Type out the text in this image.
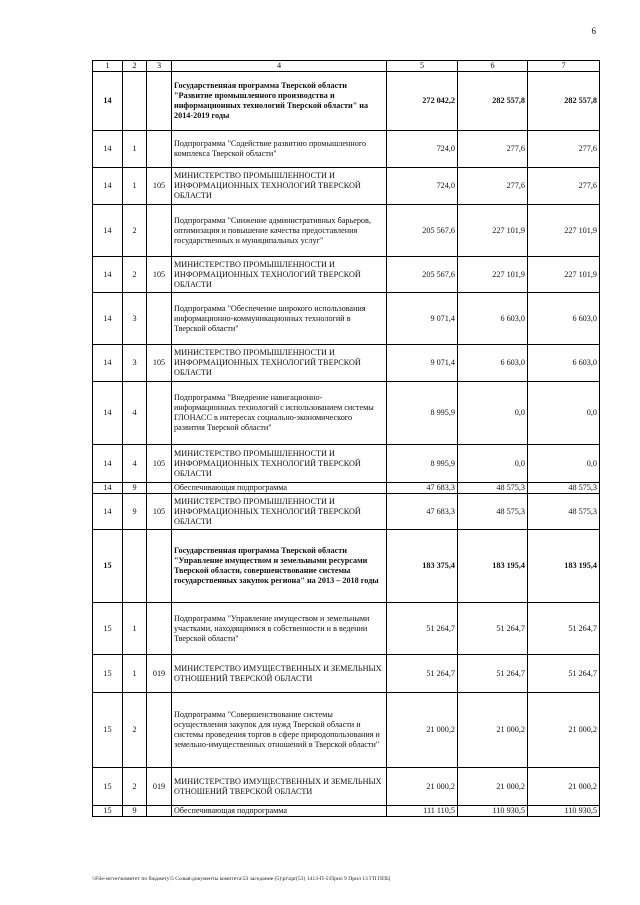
6
1	2	3	4	5	6	7
14			Государственная программа Тверской области "Развитие промышленного производства и информационных технологий Тверской области" на 2014-2019 годы	272 042,2	282 557,8	282 557,8
14	1		Подпрограмма "Содействие развитию промышленного комплекса Тверской области"	724,0	277,6	277,6
14	1	105	МИНИСТЕРСТВО ПРОМЫШЛЕННОСТИ И ИНФОРМАЦИОННЫХ ТЕХНОЛОГИЙ ТВЕРСКОЙ ОБЛАСТИ	724,0	277,6	277,6
14	2		Подпрограмма "Снижение административных барьеров, оптимизация и повышение качества предоставления государственных и муниципальных услуг"	205 567,6	227 101,9	227 101,9
14	2	105	МИНИСТЕРСТВО ПРОМЫШЛЕННОСТИ И ИНФОРМАЦИОННЫХ ТЕХНОЛОГИЙ ТВЕРСКОЙ ОБЛАСТИ	205 567,6	227 101,9	227 101,9
14	3		Подпрограмма "Обеспечение широкого использования информационно-коммуникационных технологий в Тверской области"	9 071,4	6 603,0	6 603,0
14	3	105	МИНИСТЕРСТВО ПРОМЫШЛЕННОСТИ И ИНФОРМАЦИОННЫХ ТЕХНОЛОГИЙ ТВЕРСКОЙ ОБЛАСТИ	9 071,4	6 603,0	6 603,0
14	4		Подпрограмма "Внедрение навигационно-информационных технологий с использованием системы ГЛОНАСС в интересах социально-экономического развития Тверской области"	8 995,9	0,0	0,0
14	4	105	МИНИСТЕРСТВО ПРОМЫШЛЕННОСТИ И ИНФОРМАЦИОННЫХ ТЕХНОЛОГИЙ ТВЕРСКОЙ ОБЛАСТИ	8 995,9	0,0	0,0
14	9		Обеспечивающая подпрограмма	47 683,3	48 575,3	48 575,3
14	9	105	МИНИСТЕРСТВО ПРОМЫШЛЕННОСТИ И ИНФОРМАЦИОННЫХ ТЕХНОЛОГИЙ ТВЕРСКОЙ ОБЛАСТИ	47 683,3	48 575,3	48 575,3
15			Государственная программа Тверской области "Управление имуществом и земельными ресурсами Тверской области, совершенствование системы государственных закупок региона" на 2013 – 2018 годы	183 375,4	183 195,4	183 195,4
15	1		Подпрограмма "Управление имуществом и земельными участками, находящимися в собственности и в ведении Тверской области"	51 264,7	51 264,7	51 264,7
15	1	019	МИНИСТЕРСТВО ИМУЩЕСТВЕННЫХ И ЗЕМЕЛЬНЫХ ОТНОШЕНИЙ ТВЕРСКОЙ ОБЛАСТИ	51 264,7	51 264,7	51 264,7
15	2		Подпрограмма "Совершенствование системы осуществления закупок для нужд Тверской области и системы проведения торгов в сфере природопользования и земельно-имущественных отношений в Тверской области"	21 000,2	21 000,2	21 000,2
15	2	019	МИНИСТЕРСТВО ИМУЩЕСТВЕННЫХ И ЗЕМЕЛЬНЫХ ОТНОШЕНИЙ ТВЕРСКОЙ ОБЛАСТИ	21 000,2	21 000,2	21 000,2
15	9		Обеспечивающая подпрограмма	111 110,5	110 930,5	110 930,5
\\File-server\комитет по бюджету\5 Созыв\документы комитета\53 заседание (5)\pr\zpr(53) 1413-П-5\Прил 9 Прил 13 ГП ППЦ
